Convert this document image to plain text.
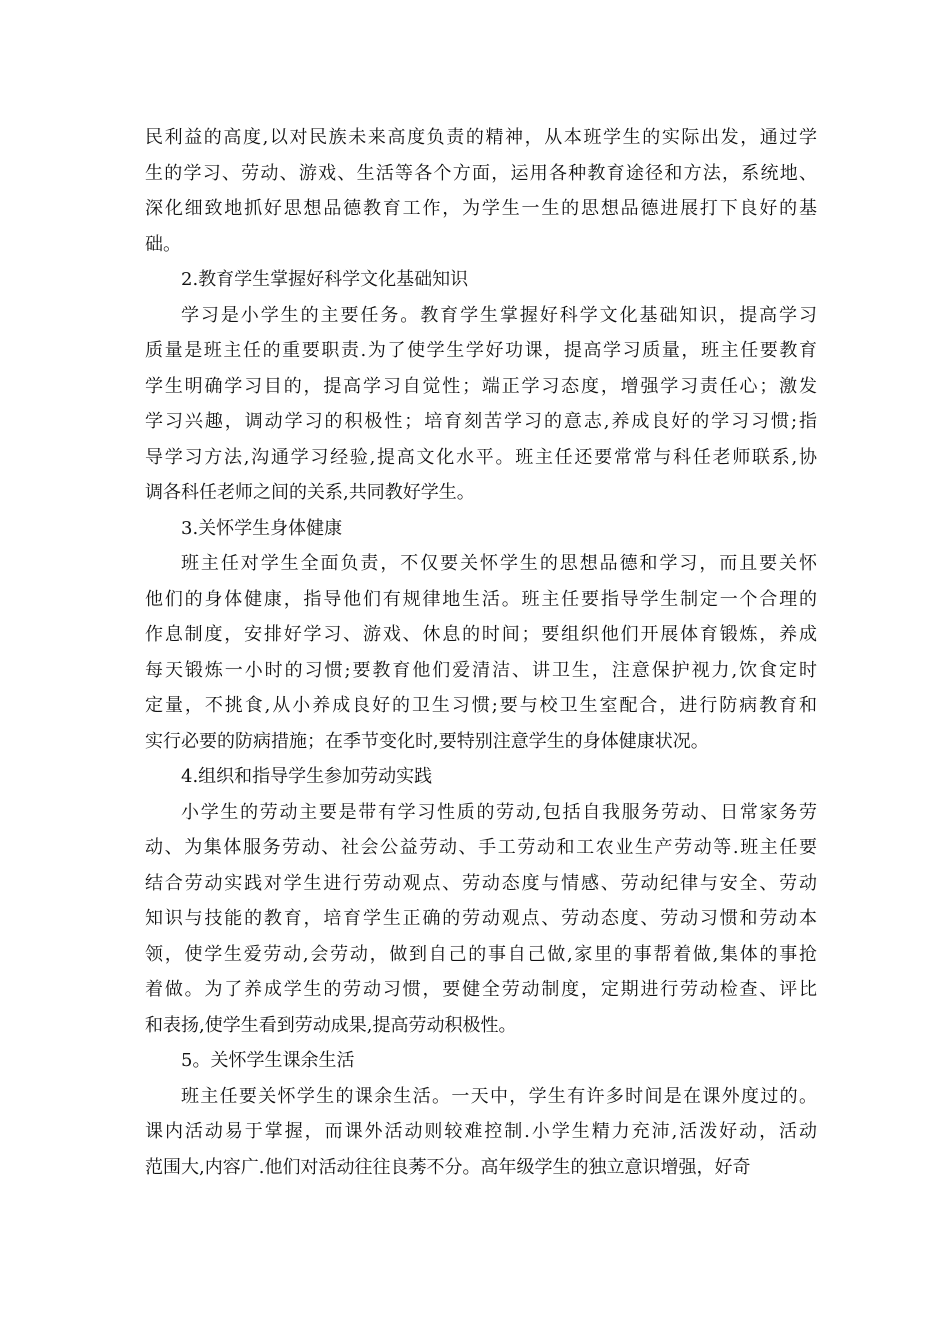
民利益的高度,以对民族未来高度负责的精神，从本班学生的实际出发，通过学
生的学习、劳动、游戏、生活等各个方面，运用各种教育途径和方法，系统地、
深化细致地抓好思想品德教育工作，为学生一生的思想品德进展打下良好的基
础。
2.教育学生掌握好科学文化基础知识
学习是小学生的主要任务。教育学生掌握好科学文化基础知识，提高学习
质量是班主任的重要职责.为了使学生学好功课，提高学习质量，班主任要教育
学生明确学习目的，提高学习自觉性；端正学习态度，增强学习责任心；激发
学习兴趣，调动学习的积极性；培育刻苦学习的意志,养成良好的学习习惯;指
导学习方法,沟通学习经验,提高文化水平。班主任还要常常与科任老师联系,协
调各科任老师之间的关系,共同教好学生。
3.关怀学生身体健康
班主任对学生全面负责，不仅要关怀学生的思想品德和学习，而且要关怀
他们的身体健康，指导他们有规律地生活。班主任要指导学生制定一个合理的
作息制度，安排好学习、游戏、休息的时间；要组织他们开展体育锻炼，养成
每天锻炼一小时的习惯;要教育他们爱清洁、讲卫生，注意保护视力,饮食定时
定量，不挑食,从小养成良好的卫生习惯;要与校卫生室配合，进行防病教育和
实行必要的防病措施；在季节变化时,要特别注意学生的身体健康状况。
4.组织和指导学生参加劳动实践
小学生的劳动主要是带有学习性质的劳动,包括自我服务劳动、日常家务劳
动、为集体服务劳动、社会公益劳动、手工劳动和工农业生产劳动等.班主任要
结合劳动实践对学生进行劳动观点、劳动态度与情感、劳动纪律与安全、劳动
知识与技能的教育，培育学生正确的劳动观点、劳动态度、劳动习惯和劳动本
领，使学生爱劳动,会劳动，做到自己的事自己做,家里的事帮着做,集体的事抢
着做。为了养成学生的劳动习惯，要健全劳动制度，定期进行劳动检查、评比
和表扬,使学生看到劳动成果,提高劳动积极性。
5。关怀学生课余生活
班主任要关怀学生的课余生活。一天中，学生有许多时间是在课外度过的。
课内活动易于掌握，而课外活动则较难控制.小学生精力充沛,活泼好动，活动
范围大,内容广.他们对活动往往良莠不分。高年级学生的独立意识增强，好奇
